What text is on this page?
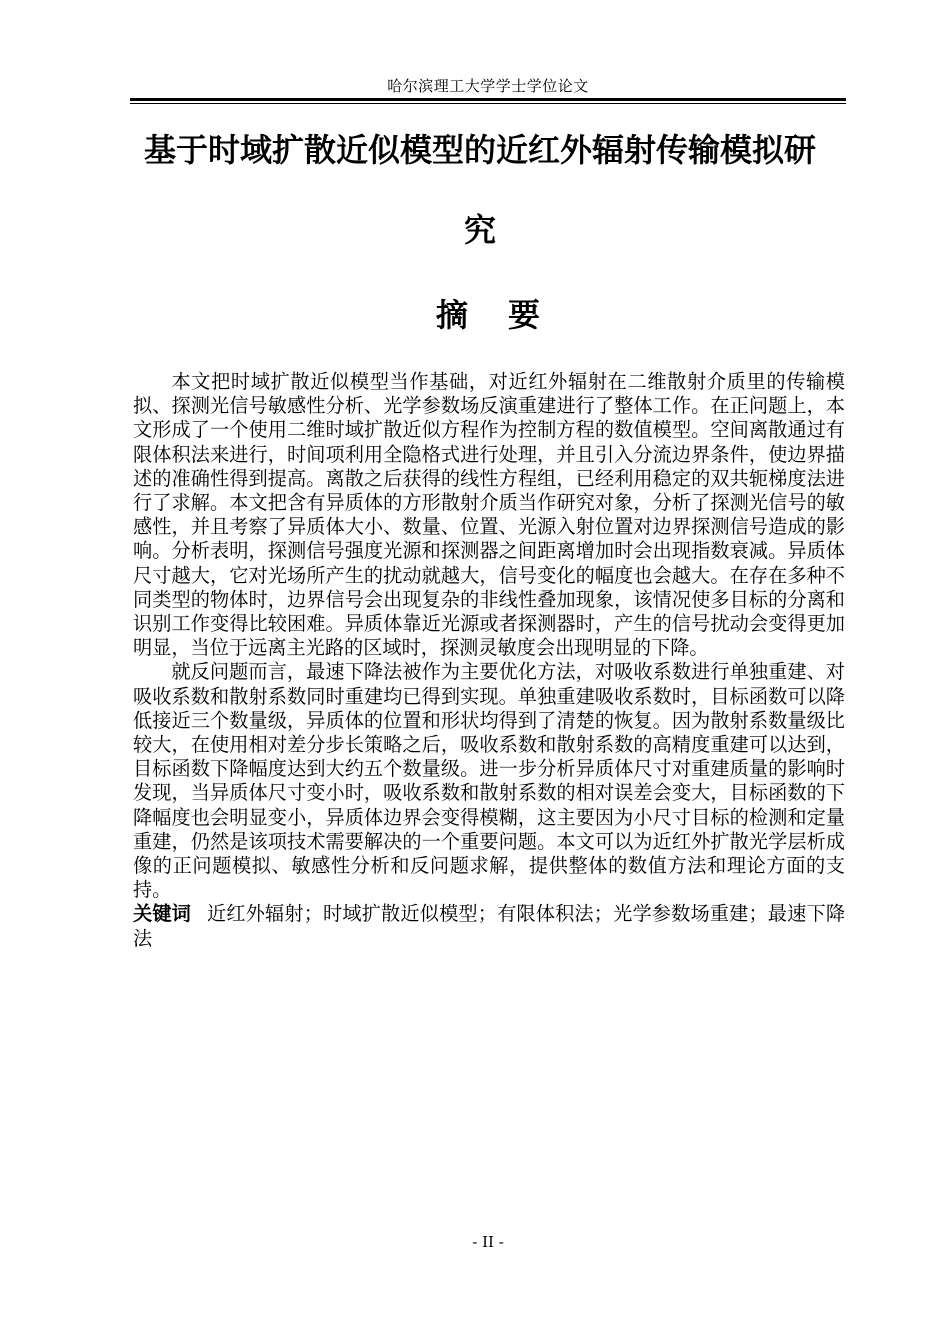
哈尔滨理工大学学士学位论文
基于时域扩散近似模型的近红外辐射传输模拟研
究
摘要

本文把时域扩散近似模型当作基础，对近红外辐射在二维散射介质里的传输模拟、探测光信号敏感性分析、光学参数场反演重建进行了整体工作。在正问题上，本文形成了一个使用二维时域扩散近似方程作为控制方程的数值模型。空间离散通过有限体积法来进行，时间项利用全隐格式进行处理，并且引入分流边界条件，使边界描述的准确性得到提高。离散之后获得的线性方程组，已经利用稳定的双共轭梯度法进行了求解。本文把含有异质体的方形散射介质当作研究对象，分析了探测光信号的敏感性，并且考察了异质体大小、数量、位置、光源入射位置对边界探测信号造成的影响。分析表明，探测信号强度光源和探测器之间距离增加时会出现指数衰减。异质体尺寸越大，它对光场所产生的扰动就越大，信号变化的幅度也会越大。在存在多种不同类型的物体时，边界信号会出现复杂的非线性叠加现象，该情况使多目标的分离和识别工作变得比较困难。异质体靠近光源或者探测器时，产生的信号扰动会变得更加明显，当位于远离主光路的区域时，探测灵敏度会出现明显的下降。

就反问题而言，最速下降法被作为主要优化方法，对吸收系数进行单独重建、对吸收系数和散射系数同时重建均已得到实现。单独重建吸收系数时，目标函数可以降低接近三个数量级，异质体的位置和形状均得到了清楚的恢复。因为散射系数量级比较大，在使用相对差分步长策略之后，吸收系数和散射系数的高精度重建可以达到，目标函数下降幅度达到大约五个数量级。进一步分析异质体尺寸对重建质量的影响时发现，当异质体尺寸变小时，吸收系数和散射系数的相对误差会变大，目标函数的下降幅度也会明显变小，异质体边界会变得模糊，这主要因为小尺寸目标的检测和定量重建，仍然是该项技术需要解决的一个重要问题。本文可以为近红外扩散光学层析成像的正问题模拟、敏感性分析和反问题求解，提供整体的数值方法和理论方面的支持。

关键词 近红外辐射；时域扩散近似模型；有限体积法；光学参数场重建；最速下降法

- II -
